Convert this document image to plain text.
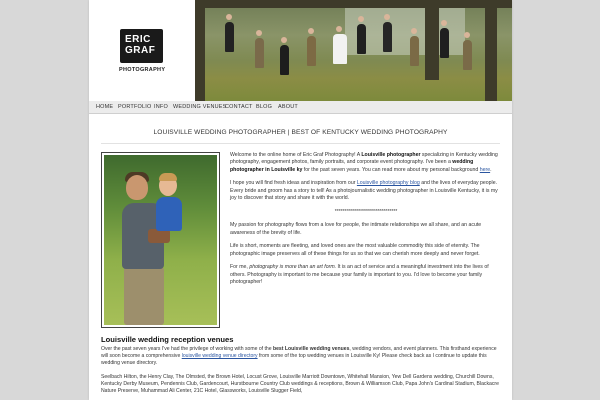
ERIC
GRAF
PHOTOGRAPHY
HOME PORTFOLIO INFO WEDDING VENUES
CONTACT BLOG ABOUT
LOUISVILLE WEDDING PHOTOGRAPHER | BEST OF KENTUCKY WEDDING PHOTOGRAPHY

Welcome to the online home of Eric Graf Photography! A Louisville photographer specializing in Kentucky wedding photography, engagement photos, family portraits, and corporate event photography. I've been a wedding photographer in Louisville ky for the past seven years. You can read more about my personal background here.

I hope you will find fresh ideas and inspiration from our Louisville photography blog and the lives of everyday people. Every bride and groom has a story to tell! As a photojournalistic wedding photographer in Louisville Kentucky, it is my joy to discover that story and share it with the world.

*******************************

My passion for photography flows from a love for people, the intimate relationships we all share, and an acute awareness of the brevity of life.

Life is short, moments are fleeting, and loved ones are the most valuable commodity this side of eternity. The photographic image preserves all of these things for us so that we can cherish more deeply and never forget.

For me, photography is more than an art form. It is an act of service and a meaningful investment into the lives of others. Photography is important to me because your family is important to you. I'd love to become your family photographer!

Louisville wedding reception venues

Over the past seven years I've had the privilege of working with some of the best Louisville wedding venues, wedding vendors, and event planners. This firsthand experience will soon become a comprehensive louisville wedding venue directory from some of the top wedding venues in Louisville Ky! Please check back as I continue to update this wedding venue directory.

Seelbach Hilton, the Henry Clay, The Olmsted, the Brown Hotel, Locust Grove, Louisville Marriott Downtown, Whitehall Mansion, Yew Dell Gardens wedding, Churchill Downs, Kentucky Derby Museum, Pendennis Club, Gardencourt, Hurstbourne Country Club weddings & receptions, Brown & Williamson Club, Papa John's Cardinal Stadium, Blackacre Nature Preserve, Muhammad Ali Center, 21C Hotel, Glassworks, Louisville Slugger Field,
